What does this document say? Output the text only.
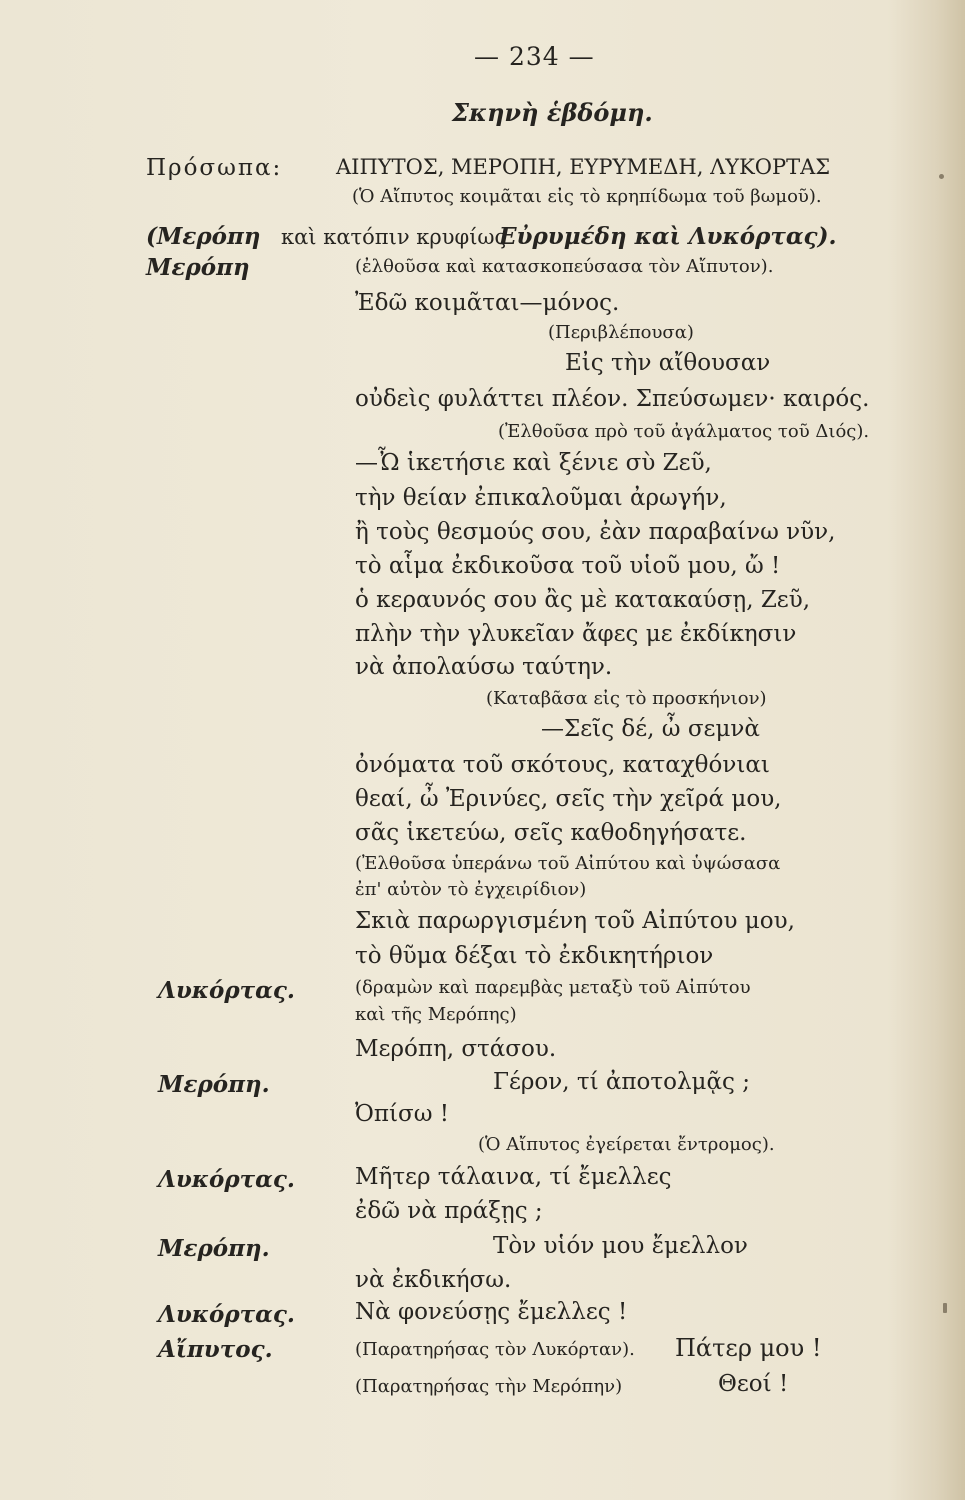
— 234 —
Σκηνὴ ἑβδόμη.
Πρόσωπα:	ΑΙΠΥΤΟΣ, ΜΕΡΟΠΗ, ΕΥΡΥΜΕΔΗ, ΛΥΚΟΡΤΑΣ
(Ὁ Αἴπυτος κοιμᾶται εἰς τὸ κρηπίδωμα τοῦ βωμοῦ).
(Μερόπη καὶ κατόπιν κρυφίως
Εὐρυμέδη καὶ Λυκόρτας).
Μερόπη	(ἐλθοῦσα καὶ κατασκοπεύσασα τὸν Αἴπυτον).
Ἐδῶ κοιμᾶται—μόνος.
(Περιβλέπουσα)
Εἰς τὴν αἴθουσαν
οὐδεὶς φυλάττει πλέον. Σπεύσωμεν· καιρός.
(Ἐλθοῦσα πρὸ τοῦ ἀγάλματος τοῦ Διός).
—Ὦ ἱκετήσιε καὶ ξένιε σὺ Ζεῦ,
τὴν θείαν ἐπικαλοῦμαι ἀρωγήν,
ἢ τοὺς θεσμούς σου, ἐὰν παραβαίνω νῦν,
τὸ αἷμα ἐκδικοῦσα τοῦ υἱοῦ μου, ὤ !
ὁ κεραυνός σου ἂς μὲ κατακαύσῃ, Ζεῦ,
πλὴν τὴν γλυκεῖαν ἄφες με ἐκδίκησιν
νὰ ἀπολαύσω ταύτην.
(Καταβᾶσα εἰς τὸ προσκήνιον)
—Σεῖς δέ, ὦ σεμνὰ
ὀνόματα τοῦ σκότους, καταχθόνιαι
θεαί, ὦ Ἐρινύες, σεῖς τὴν χεῖρά μου,
σᾶς ἱκετεύω, σεῖς καθοδηγήσατε.
(Ἐλθοῦσα ὑπεράνω τοῦ Αἰπύτου καὶ ὑψώσασα
ἐπ' αὐτὸν τὸ ἐγχειρίδιον)
Σκιὰ παρωργισμένη τοῦ Αἰπύτου μου,
τὸ θῦμα δέξαι τὸ ἐκδικητήριον
Λυκόρτας.	(δραμὼν καὶ παρεμβὰς μεταξὺ τοῦ Αἰπύτου
καὶ τῆς Μερόπης)
Μερόπη, στάσου.
Μερόπη.	Γέρον, τί ἀποτολμᾷς ;
Ὀπίσω !
(Ὁ Αἴπυτος ἐγείρεται ἔντρομος).
Λυκόρτας.	Μῆτερ τάλαινα, τί ἔμελλες
ἐδῶ νὰ πράξῃς ;
Μερόπη.	Τὸν υἱόν μου ἔμελλον
νὰ ἐκδικήσω.
Λυκόρτας.	Νὰ φονεύσῃς ἔμελλες !
Αἴπυτος.	(Παρατηρήσας τὸν Λυκόρταν). Πάτερ μου !
(Παρατηρήσας τὴν Μερόπην)	Θεοί !
